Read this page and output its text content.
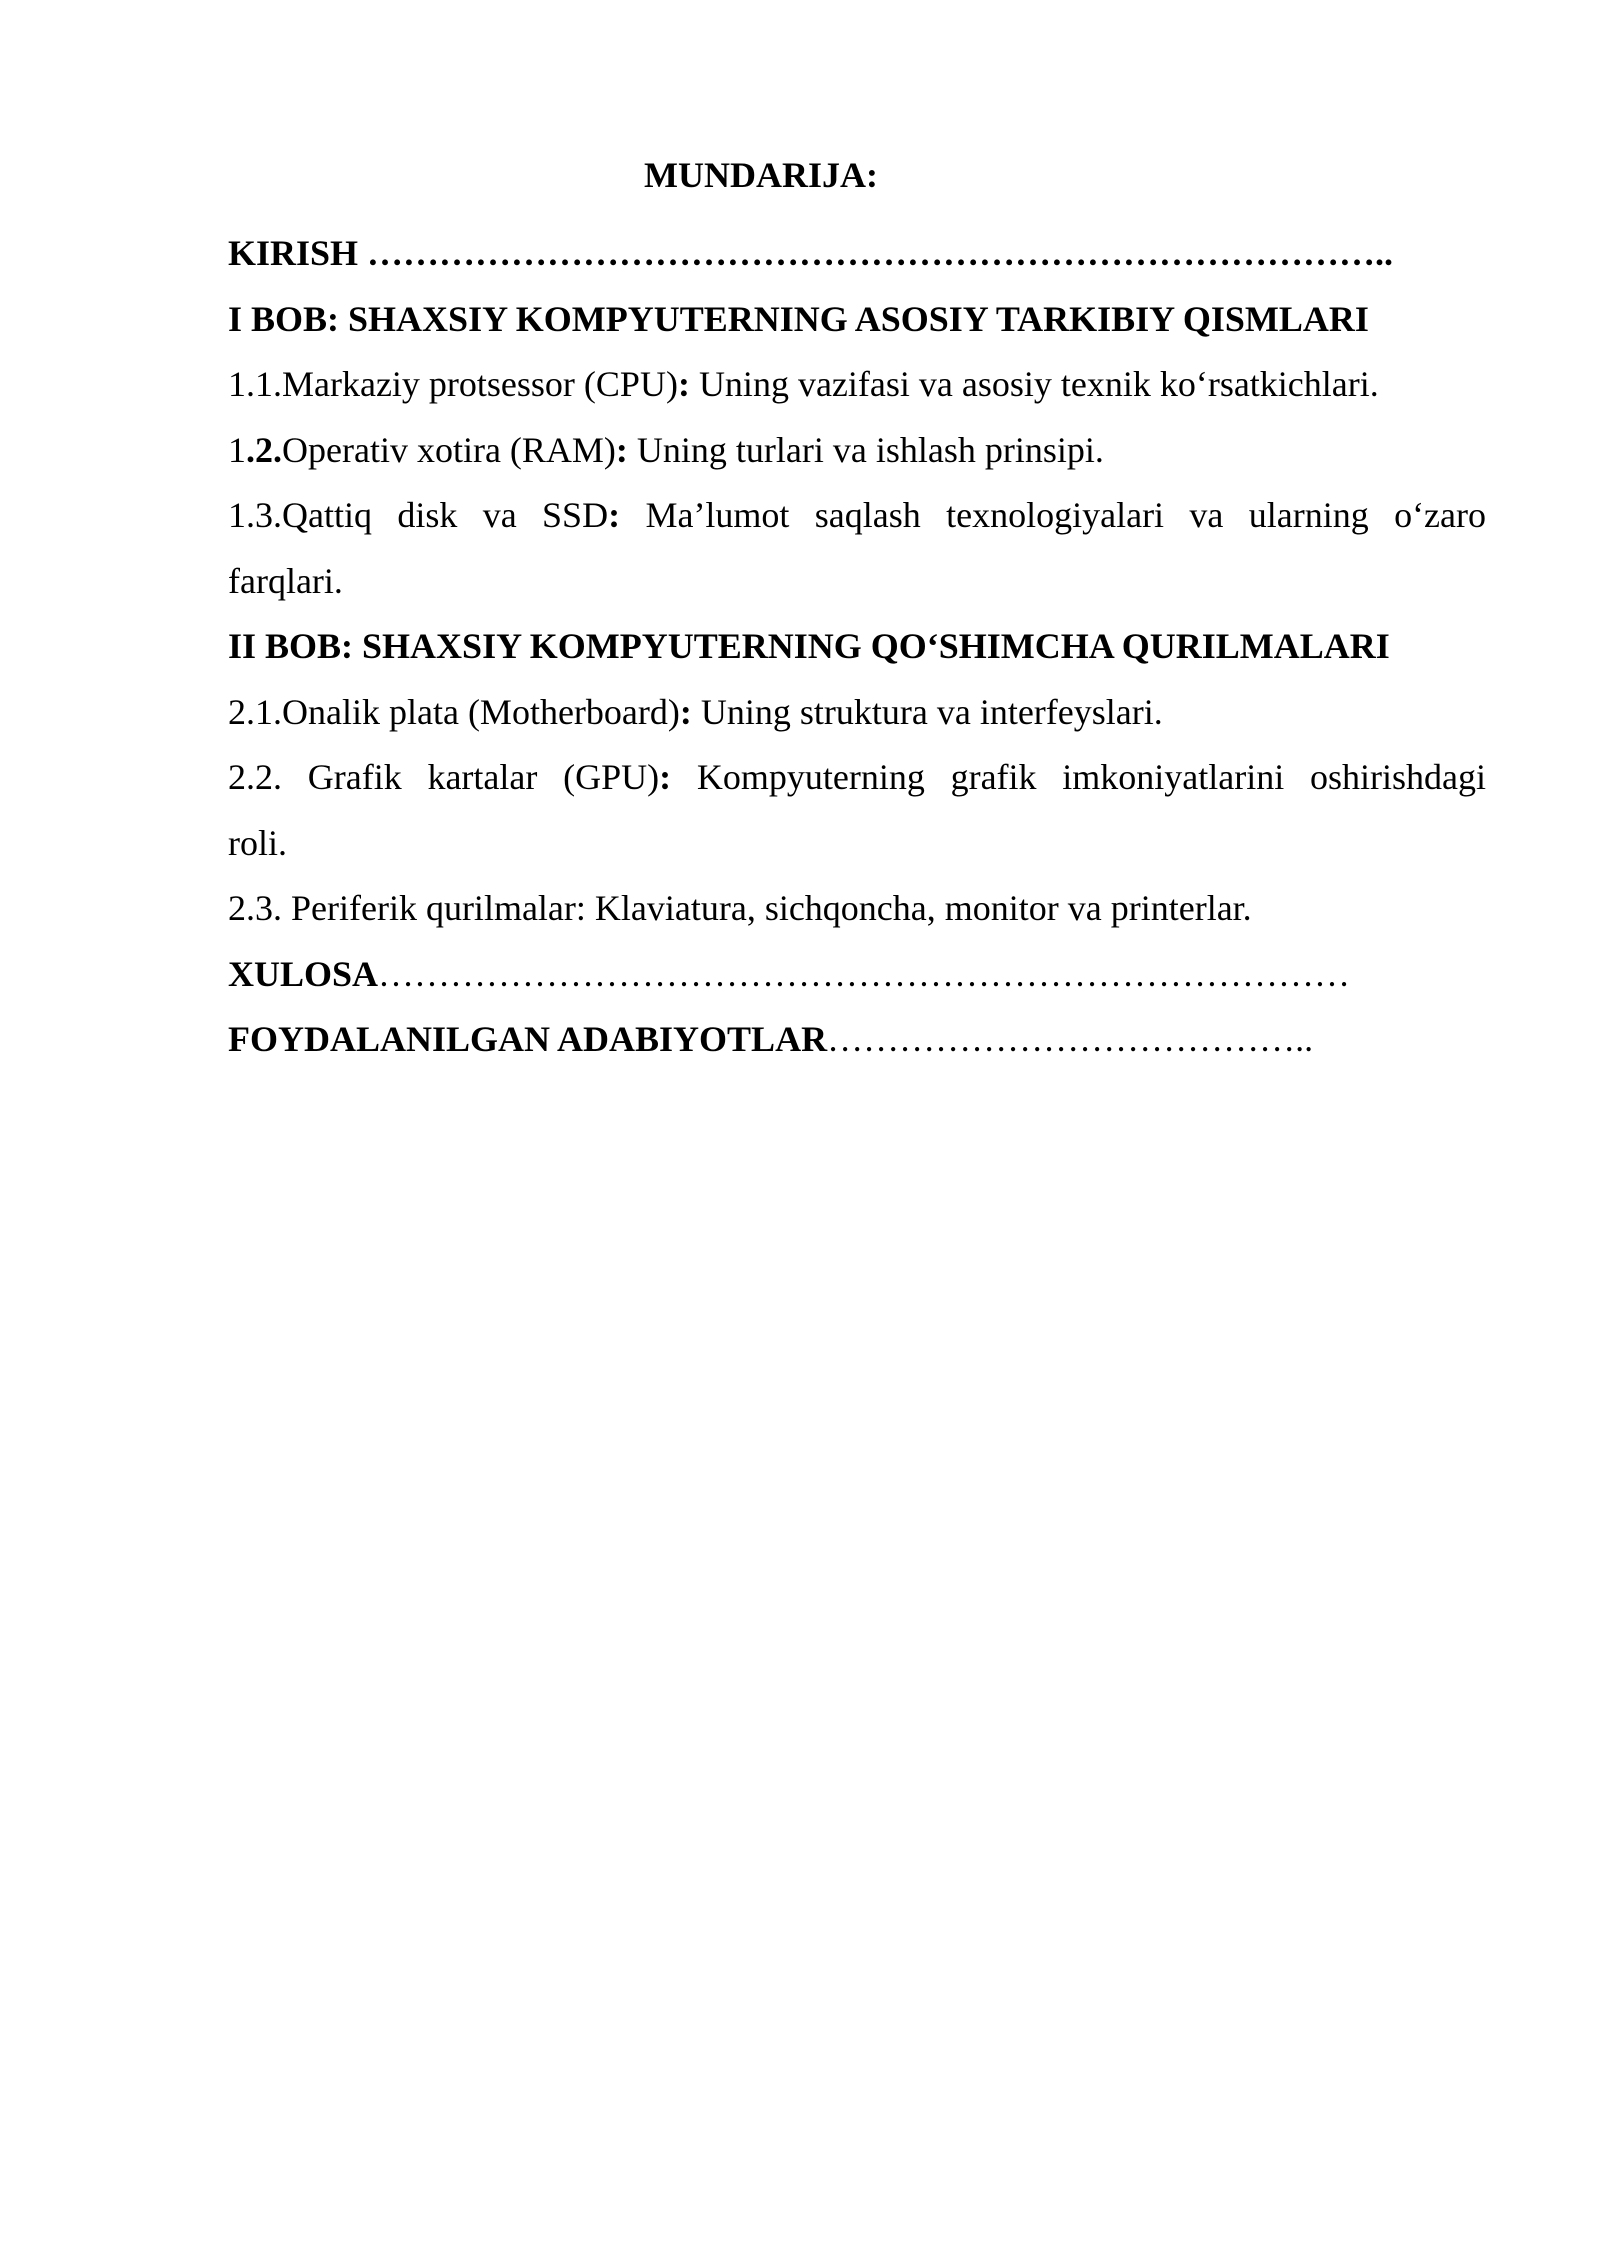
MUNDARIJA:
KIRISH …………………………………………………………………………..
I BOB: SHAXSIY KOMPYUTERNING ASOSIY TARKIBIY QISMLARI
1.1.Markaziy protsessor (CPU): Uning vazifasi va asosiy texnik ko‘rsatkichlari.
1.2.Operativ xotira (RAM): Uning turlari va ishlash prinsipi.
1.3.Qattiq disk va SSD: Ma’lumot saqlash texnologiyalari va ularning o‘zaro
farqlari.
II BOB: SHAXSIY KOMPYUTERNING QO‘SHIMCHA QURILMALARI
2.1.Onalik plata (Motherboard): Uning struktura va interfeyslari.
2.2. Grafik kartalar (GPU): Kompyuterning grafik imkoniyatlarini oshirishdagi
roli.
2.3. Periferik qurilmalar: Klaviatura, sichqoncha, monitor va printerlar.
XULOSA………………………………………………………………………
FOYDALANILGAN ADABIYOTLAR…………………………………..
